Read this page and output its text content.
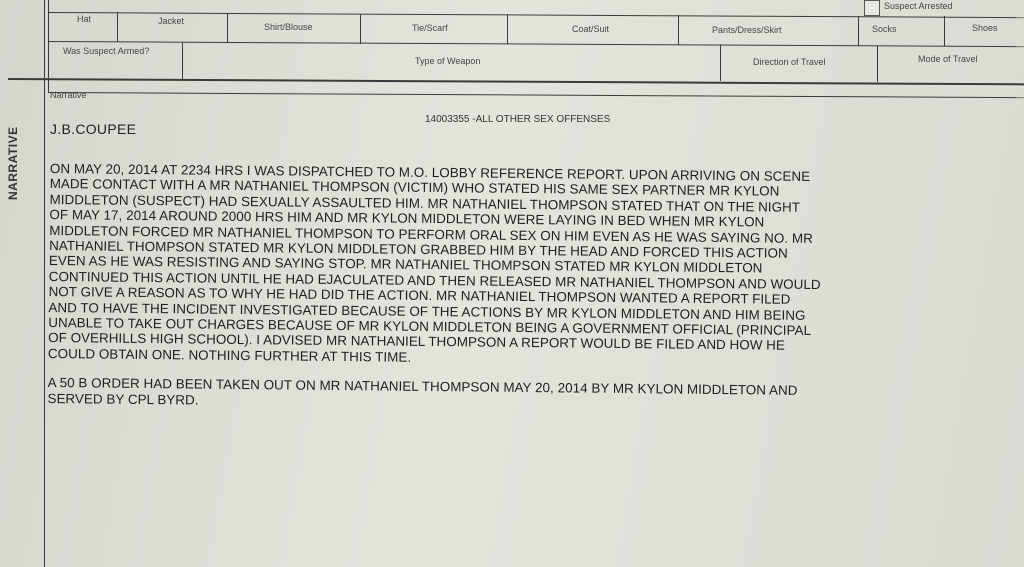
Suspect Arrested
Hat	Jacket
Shirt/Blouse	Tie/Scarf	Coat/Suit	Pants/Dress/Skirt	Socks	Shoes
Was Suspect Armed?
Type of Weapon	Direction of Travel	Mode of Travel
NARRATIVE
Narrative
14003355 -ALL OTHER SEX OFFENSES
J.B.COUPEE

ON MAY 20, 2014 AT 2234 HRS I WAS DISPATCHED TO M.O. LOBBY REFERENCE REPORT. UPON ARRIVING ON SCENE
MADE CONTACT WITH A MR NATHANIEL THOMPSON (VICTIM) WHO STATED HIS SAME SEX PARTNER MR KYLON
MIDDLETON (SUSPECT) HAD SEXUALLY ASSAULTED HIM. MR NATHANIEL THOMPSON STATED THAT ON THE NIGHT
OF MAY 17, 2014 AROUND 2000 HRS HIM AND MR KYLON MIDDLETON WERE LAYING IN BED WHEN MR KYLON
MIDDLETON FORCED MR NATHANIEL THOMPSON TO PERFORM ORAL SEX ON HIM EVEN AS HE WAS SAYING NO. MR
NATHANIEL THOMPSON STATED MR KYLON MIDDLETON GRABBED HIM BY THE HEAD AND FORCED THIS ACTION
EVEN AS HE WAS RESISTING AND SAYING STOP. MR NATHANIEL THOMPSON STATED MR KYLON MIDDLETON
CONTINUED THIS ACTION UNTIL HE HAD EJACULATED AND THEN RELEASED MR NATHANIEL THOMPSON AND WOULD
NOT GIVE A REASON AS TO WHY HE HAD DID THE ACTION. MR NATHANIEL THOMPSON WANTED A REPORT FILED
AND TO HAVE THE INCIDENT INVESTIGATED BECAUSE OF THE ACTIONS BY MR KYLON MIDDLETON AND HIM BEING
UNABLE TO TAKE OUT CHARGES BECAUSE OF MR KYLON MIDDLETON BEING A GOVERNMENT OFFICIAL (PRINCIPAL
OF OVERHILLS HIGH SCHOOL). I ADVISED MR NATHANIEL THOMPSON A REPORT WOULD BE FILED AND HOW HE
COULD OBTAIN ONE. NOTHING FURTHER AT THIS TIME.

A 50 B ORDER HAD BEEN TAKEN OUT ON MR NATHANIEL THOMPSON MAY 20, 2014 BY MR KYLON MIDDLETON AND
SERVED BY CPL BYRD.
